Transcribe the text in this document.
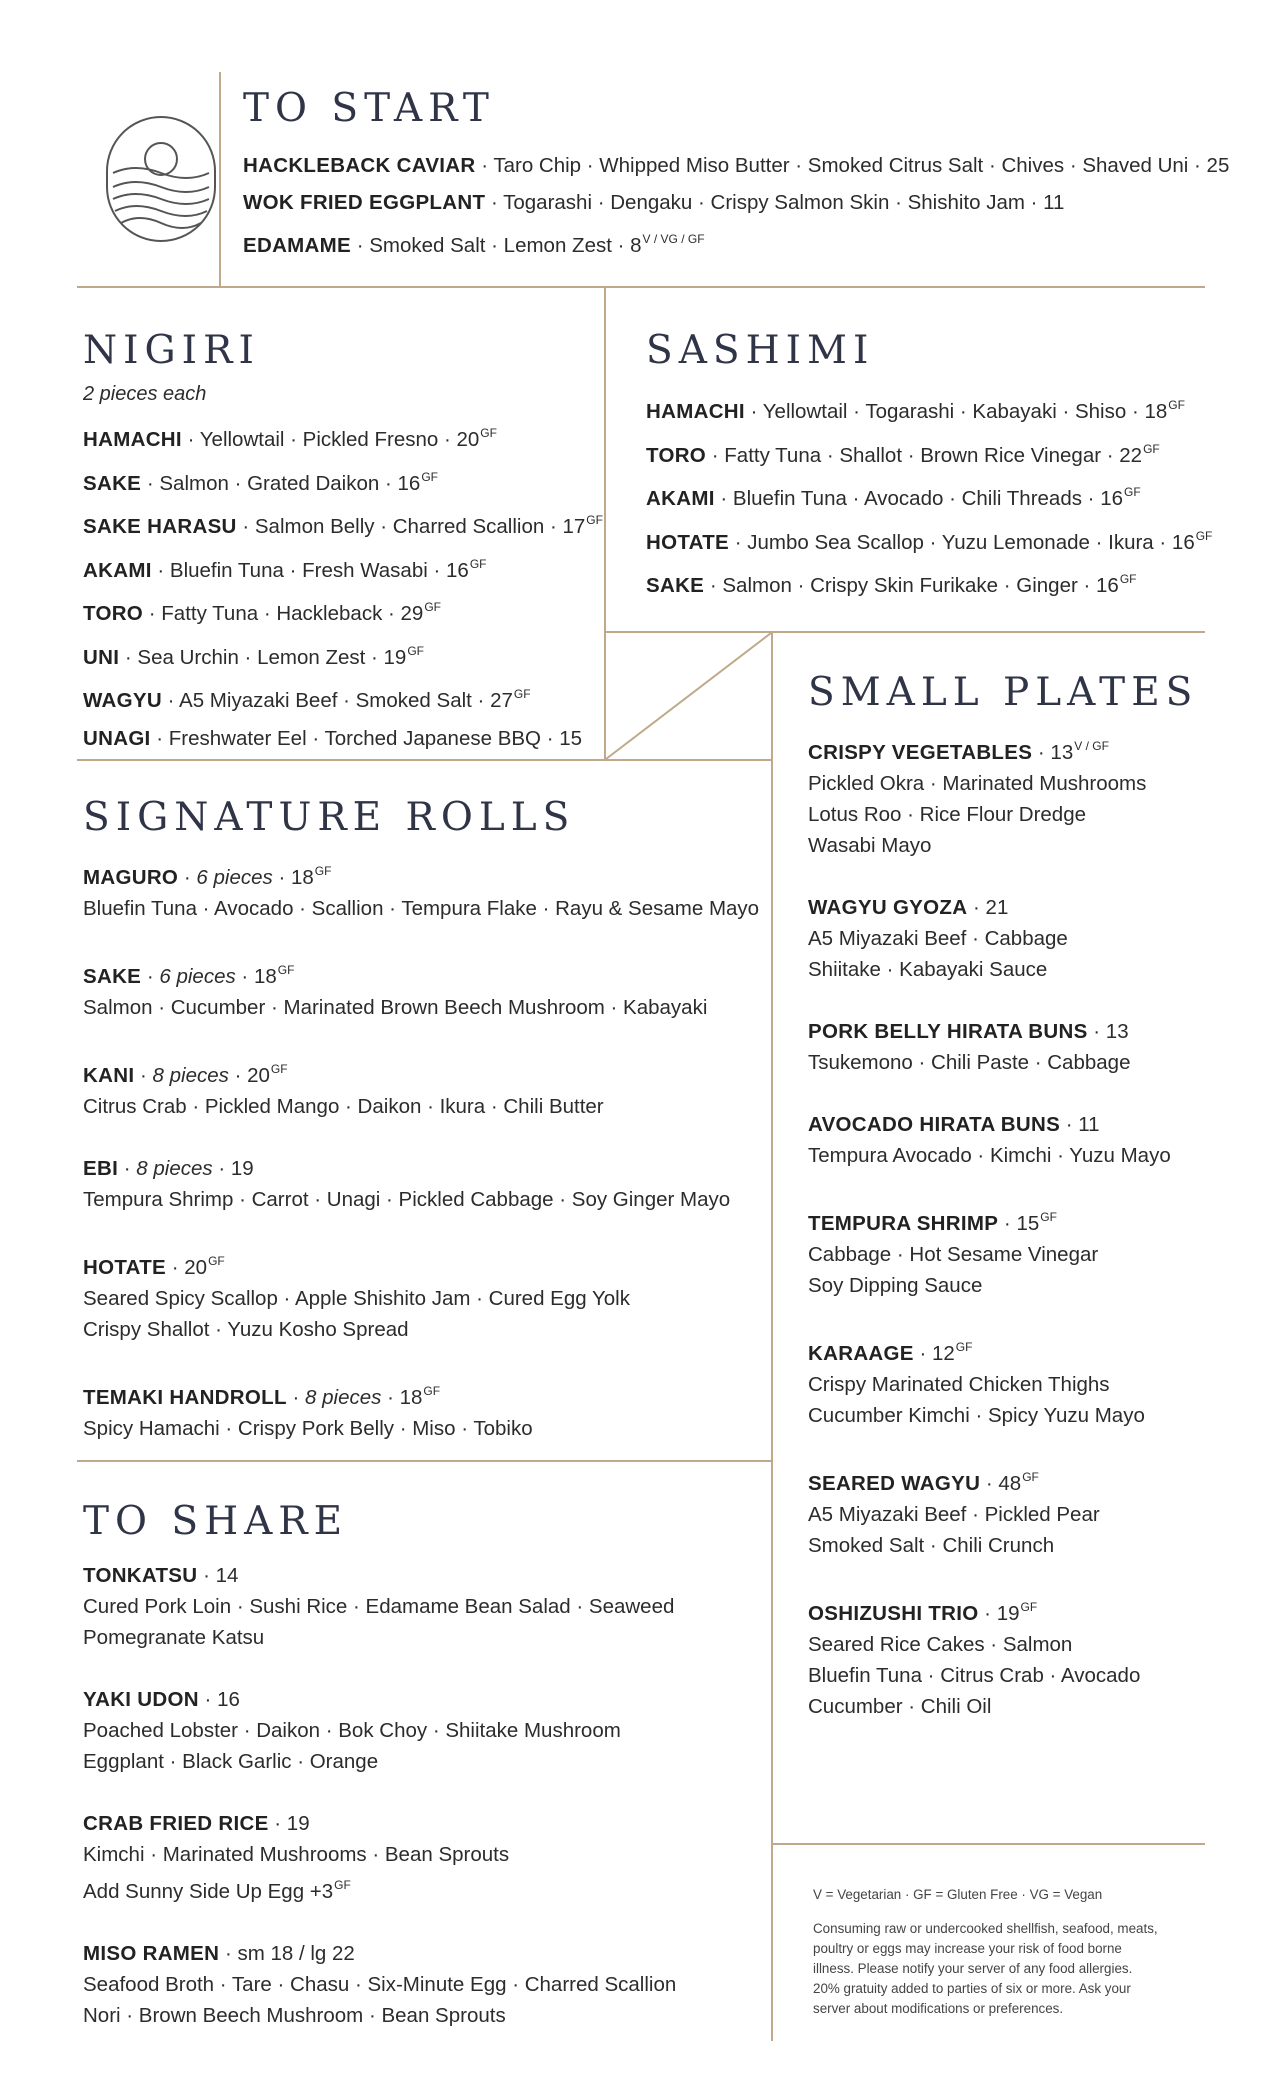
TO START
HACKLEBACK CAVIAR · Taro Chip · Whipped Miso Butter · Smoked Citrus Salt · Chives · Shaved Uni · 25
WOK FRIED EGGPLANT · Togarashi · Dengaku · Crispy Salmon Skin · Shishito Jam · 11
EDAMAME · Smoked Salt · Lemon Zest · $8^{V / VG / GF}$
NIGIRI
2 pieces each
HAMACHI · Yellowtail · Pickled Fresno · $20^{GF}$
SAKE · Salmon · Grated Daikon · $16^{GF}$
SAKE HARASU · Salmon Belly · Charred Scallion · $17^{GF}$
AKAMI · Bluefin Tuna · Fresh Wasabi · $16^{GF}$
TORO · Fatty Tuna · Hackleback · $29^{GF}$
UNI · Sea Urchin · Lemon Zest · $19^{GF}$
WAGYU · A5 Miyazaki Beef · Smoked Salt · $27^{GF}$
UNAGI · Freshwater Eel · Torched Japanese BBQ · 15
SASHIMI
HAMACHI · Yellowtail · Togarashi · Kabayaki · Shiso · $18^{GF}$
TORO · Fatty Tuna · Shallot · Brown Rice Vinegar · $22^{GF}$
AKAMI · Bluefin Tuna · Avocado · Chili Threads · $16^{GF}$
HOTATE · Jumbo Sea Scallop · Yuzu Lemonade · Ikura · $16^{GF}$
SAKE · Salmon · Crispy Skin Furikake · Ginger · $16^{GF}$
SIGNATURE ROLLS
MAGURO · 6 pieces · $18^{GF}$
Bluefin Tuna · Avocado · Scallion · Tempura Flake · Rayu & Sesame Mayo
SAKE · 6 pieces · $18^{GF}$
Salmon · Cucumber · Marinated Brown Beech Mushroom · Kabayaki
KANI · 8 pieces · $20^{GF}$
Citrus Crab · Pickled Mango · Daikon · Ikura · Chili Butter
EBI · 8 pieces · 19
Tempura Shrimp · Carrot · Unagi · Pickled Cabbage · Soy Ginger Mayo
HOTATE · $20^{GF}$
Seared Spicy Scallop · Apple Shishito Jam · Cured Egg Yolk
Crispy Shallot · Yuzu Kosho Spread
TEMAKI HANDROLL · 8 pieces · $18^{GF}$
Spicy Hamachi · Crispy Pork Belly · Miso · Tobiko
TO SHARE
TONKATSU · 14
Cured Pork Loin · Sushi Rice · Edamame Bean Salad · Seaweed
Pomegranate Katsu
YAKI UDON · 16
Poached Lobster · Daikon · Bok Choy · Shiitake Mushroom
Eggplant · Black Garlic · Orange
CRAB FRIED RICE · 19
Kimchi · Marinated Mushrooms · Bean Sprouts
Add Sunny Side Up Egg $+3^{GF}$
MISO RAMEN · sm 18 / lg 22
Seafood Broth · Tare · Chasu · Six-Minute Egg · Charred Scallion
Nori · Brown Beech Mushroom · Bean Sprouts
SMALL PLATES
CRISPY VEGETABLES · $13^{V / GF}$
Pickled Okra · Marinated Mushrooms
Lotus Roo · Rice Flour Dredge
Wasabi Mayo
WAGYU GYOZA · 21
A5 Miyazaki Beef · Cabbage
Shiitake · Kabayaki Sauce
PORK BELLY HIRATA BUNS · 13
Tsukemono · Chili Paste · Cabbage
AVOCADO HIRATA BUNS · 11
Tempura Avocado · Kimchi · Yuzu Mayo
TEMPURA SHRIMP · $15^{GF}$
Cabbage · Hot Sesame Vinegar
Soy Dipping Sauce
KARAAGE · $12^{GF}$
Crispy Marinated Chicken Thighs
Cucumber Kimchi · Spicy Yuzu Mayo
SEARED WAGYU · $48^{GF}$
A5 Miyazaki Beef · Pickled Pear
Smoked Salt · Chili Crunch
OSHIZUSHI TRIO · $19^{GF}$
Seared Rice Cakes · Salmon
Bluefin Tuna · Citrus Crab · Avocado
Cucumber · Chili Oil
V = Vegetarian · GF = Gluten Free · VG = Vegan
Consuming raw or undercooked shellfish, seafood, meats,
poultry or eggs may increase your risk of food borne
illness. Please notify your server of any food allergies.
20% gratuity added to parties of six or more. Ask your
server about modifications or preferences.
